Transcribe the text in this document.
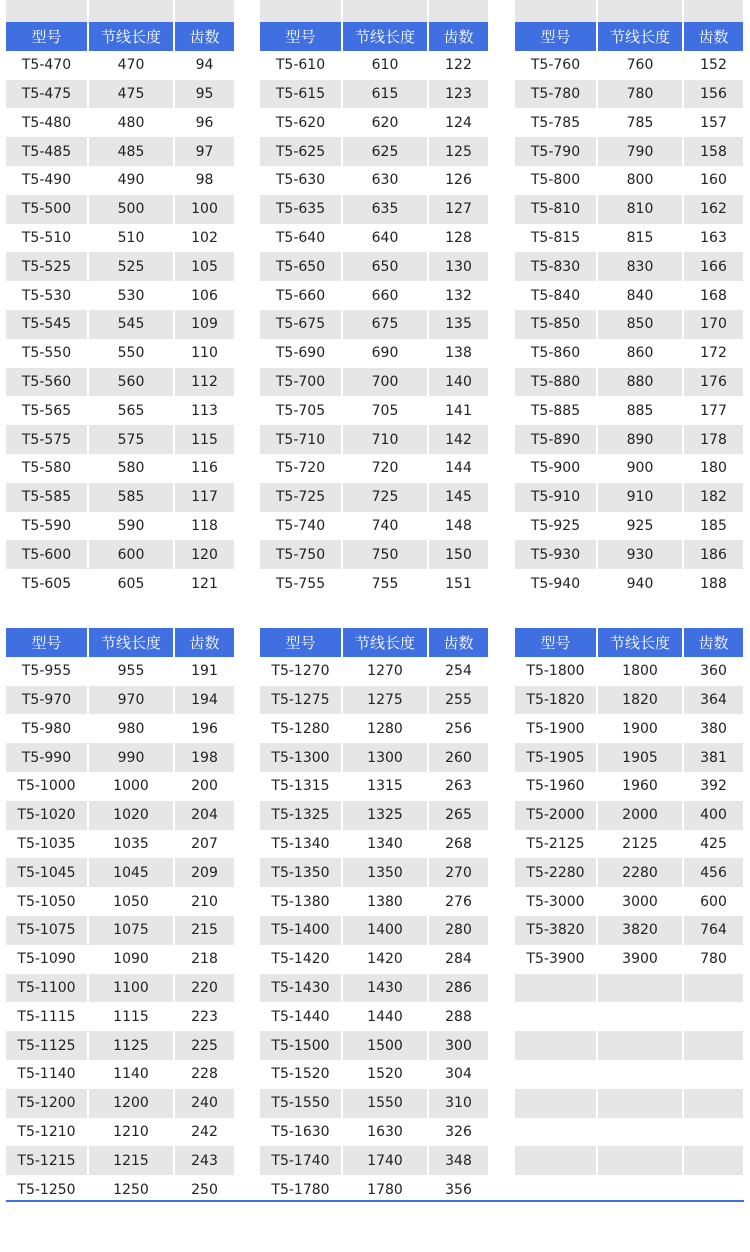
型号	节线长度	齿数
T5-470	470	94
T5-475	475	95
T5-480	480	96
T5-485	485	97
T5-490	490	98
T5-500	500	100
T5-510	510	102
T5-525	525	105
T5-530	530	106
T5-545	545	109
T5-550	550	110
T5-560	560	112
T5-565	565	113
T5-575	575	115
T5-580	580	116
T5-585	585	117
T5-590	590	118
T5-600	600	120
T5-605	605	121
型号	节线长度	齿数
T5-610	610	122
T5-615	615	123
T5-620	620	124
T5-625	625	125
T5-630	630	126
T5-635	635	127
T5-640	640	128
T5-650	650	130
T5-660	660	132
T5-675	675	135
T5-690	690	138
T5-700	700	140
T5-705	705	141
T5-710	710	142
T5-720	720	144
T5-725	725	145
T5-740	740	148
T5-750	750	150
T5-755	755	151
型号	节线长度	齿数
T5-760	760	152
T5-780	780	156
T5-785	785	157
T5-790	790	158
T5-800	800	160
T5-810	810	162
T5-815	815	163
T5-830	830	166
T5-840	840	168
T5-850	850	170
T5-860	860	172
T5-880	880	176
T5-885	885	177
T5-890	890	178
T5-900	900	180
T5-910	910	182
T5-925	925	185
T5-930	930	186
T5-940	940	188
型号	节线长度	齿数
T5-955	955	191
T5-970	970	194
T5-980	980	196
T5-990	990	198
T5-1000	1000	200
T5-1020	1020	204
T5-1035	1035	207
T5-1045	1045	209
T5-1050	1050	210
T5-1075	1075	215
T5-1090	1090	218
T5-1100	1100	220
T5-1115	1115	223
T5-1125	1125	225
T5-1140	1140	228
T5-1200	1200	240
T5-1210	1210	242
T5-1215	1215	243
T5-1250	1250	250
型号	节线长度	齿数
T5-1270	1270	254
T5-1275	1275	255
T5-1280	1280	256
T5-1300	1300	260
T5-1315	1315	263
T5-1325	1325	265
T5-1340	1340	268
T5-1350	1350	270
T5-1380	1380	276
T5-1400	1400	280
T5-1420	1420	284
T5-1430	1430	286
T5-1440	1440	288
T5-1500	1500	300
T5-1520	1520	304
T5-1550	1550	310
T5-1630	1630	326
T5-1740	1740	348
T5-1780	1780	356
型号	节线长度	齿数
T5-1800	1800	360
T5-1820	1820	364
T5-1900	1900	380
T5-1905	1905	381
T5-1960	1960	392
T5-2000	2000	400
T5-2125	2125	425
T5-2280	2280	456
T5-3000	3000	600
T5-3820	3820	764
T5-3900	3900	780
